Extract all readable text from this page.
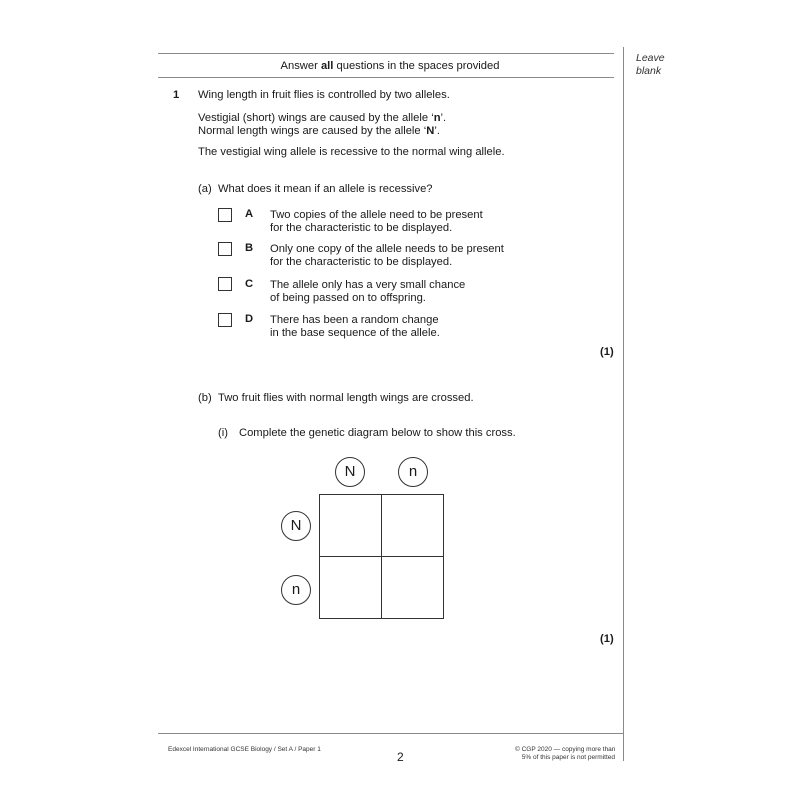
Answer all questions in the spaces provided
Leave
blank
1 Wing length in fruit flies is controlled by two alleles.
Vestigial (short) wings are caused by the allele ‘n’.
Normal length wings are caused by the allele ‘N’.
The vestigial wing allele is recessive to the normal wing allele.
(a) What does it mean if an allele is recessive?
A Two copies of the allele need to be present
for the characteristic to be displayed.
B Only one copy of the allele needs to be present
for the characteristic to be displayed.
C The allele only has a very small chance
of being passed on to offspring.
D There has been a random change
in the base sequence of the allele.
(1)
(b) Two fruit flies with normal length wings are crossed.
(i) Complete the genetic diagram below to show this cross.
N	n
N
n
(1)
Edexcel International GCSE Biology / Set A / Paper 1
2
© CGP 2020 — copying more than
5% of this paper is not permitted
